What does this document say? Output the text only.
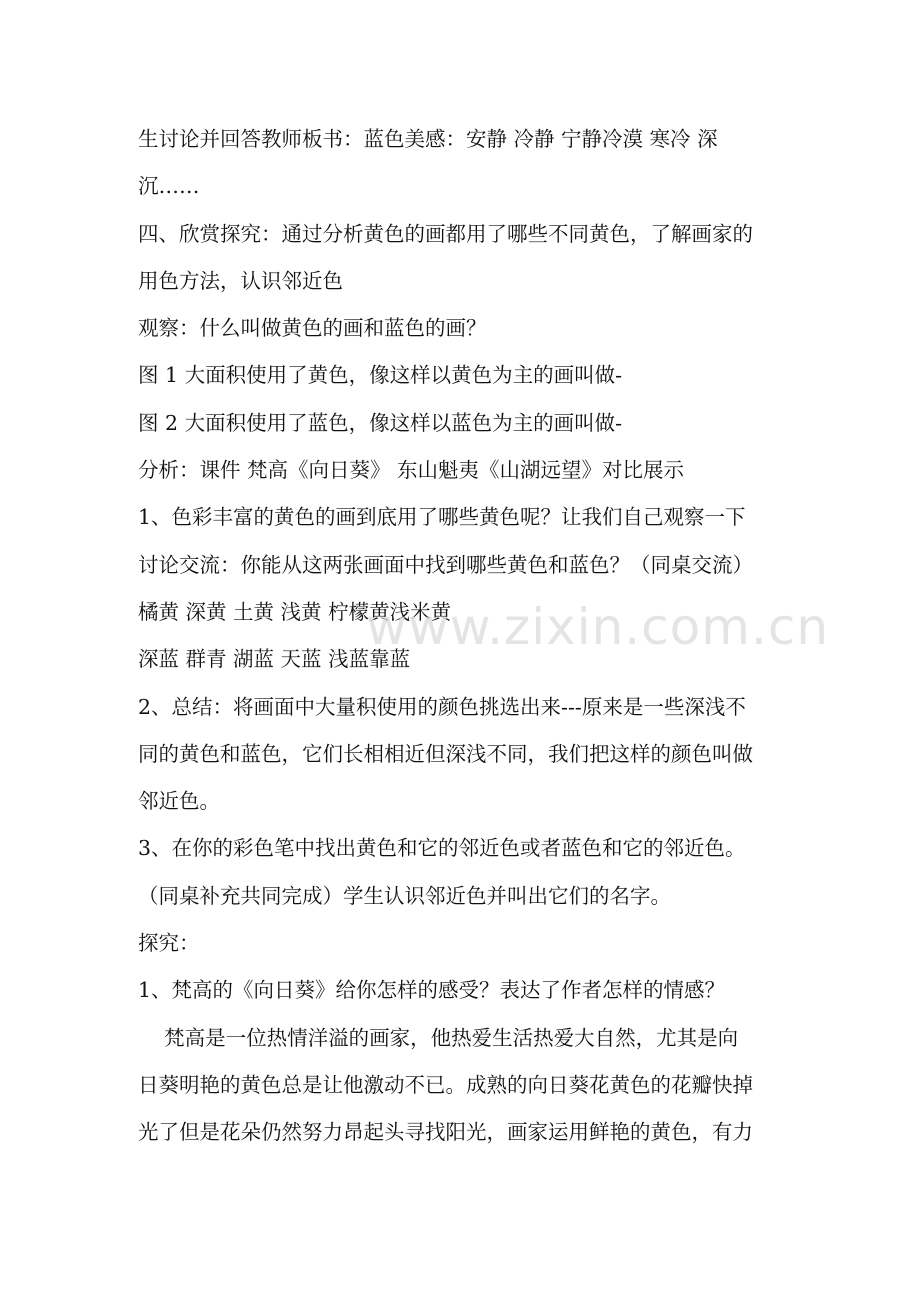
生讨论并回答教师板书：蓝色美感：安静 冷静 宁静冷漠 寒冷 深

沉……

四、欣赏探究：通过分析黄色的画都用了哪些不同黄色，了解画家的

用色方法，认识邻近色

观察：什么叫做黄色的画和蓝色的画？

图 1 大面积使用了黄色，像这样以黄色为主的画叫做-

图 2 大面积使用了蓝色，像这样以蓝色为主的画叫做-

分析：课件 梵高《向日葵》 东山魁夷《山湖远望》对比展示

1、色彩丰富的黄色的画到底用了哪些黄色呢？让我们自己观察一下

讨论交流：你能从这两张画面中找到哪些黄色和蓝色？（同桌交流）

橘黄 深黄 土黄 浅黄 柠檬黄浅米黄

深蓝 群青 湖蓝 天蓝 浅蓝靠蓝

2、总结：将画面中大量积使用的颜色挑选出来---原来是一些深浅不

同的黄色和蓝色，它们长相相近但深浅不同，我们把这样的颜色叫做

邻近色。

3、在你的彩色笔中找出黄色和它的邻近色或者蓝色和它的邻近色。

（同桌补充共同完成）学生认识邻近色并叫出它们的名字。

探究：

1、梵高的《向日葵》给你怎样的感受？表达了作者怎样的情感？

梵高是一位热情洋溢的画家，他热爱生活热爱大自然，尤其是向

日葵明艳的黄色总是让他激动不已。成熟的向日葵花黄色的花瓣快掉

光了但是花朵仍然努力昂起头寻找阳光，画家运用鲜艳的黄色，有力

www.zixin.com.cn
